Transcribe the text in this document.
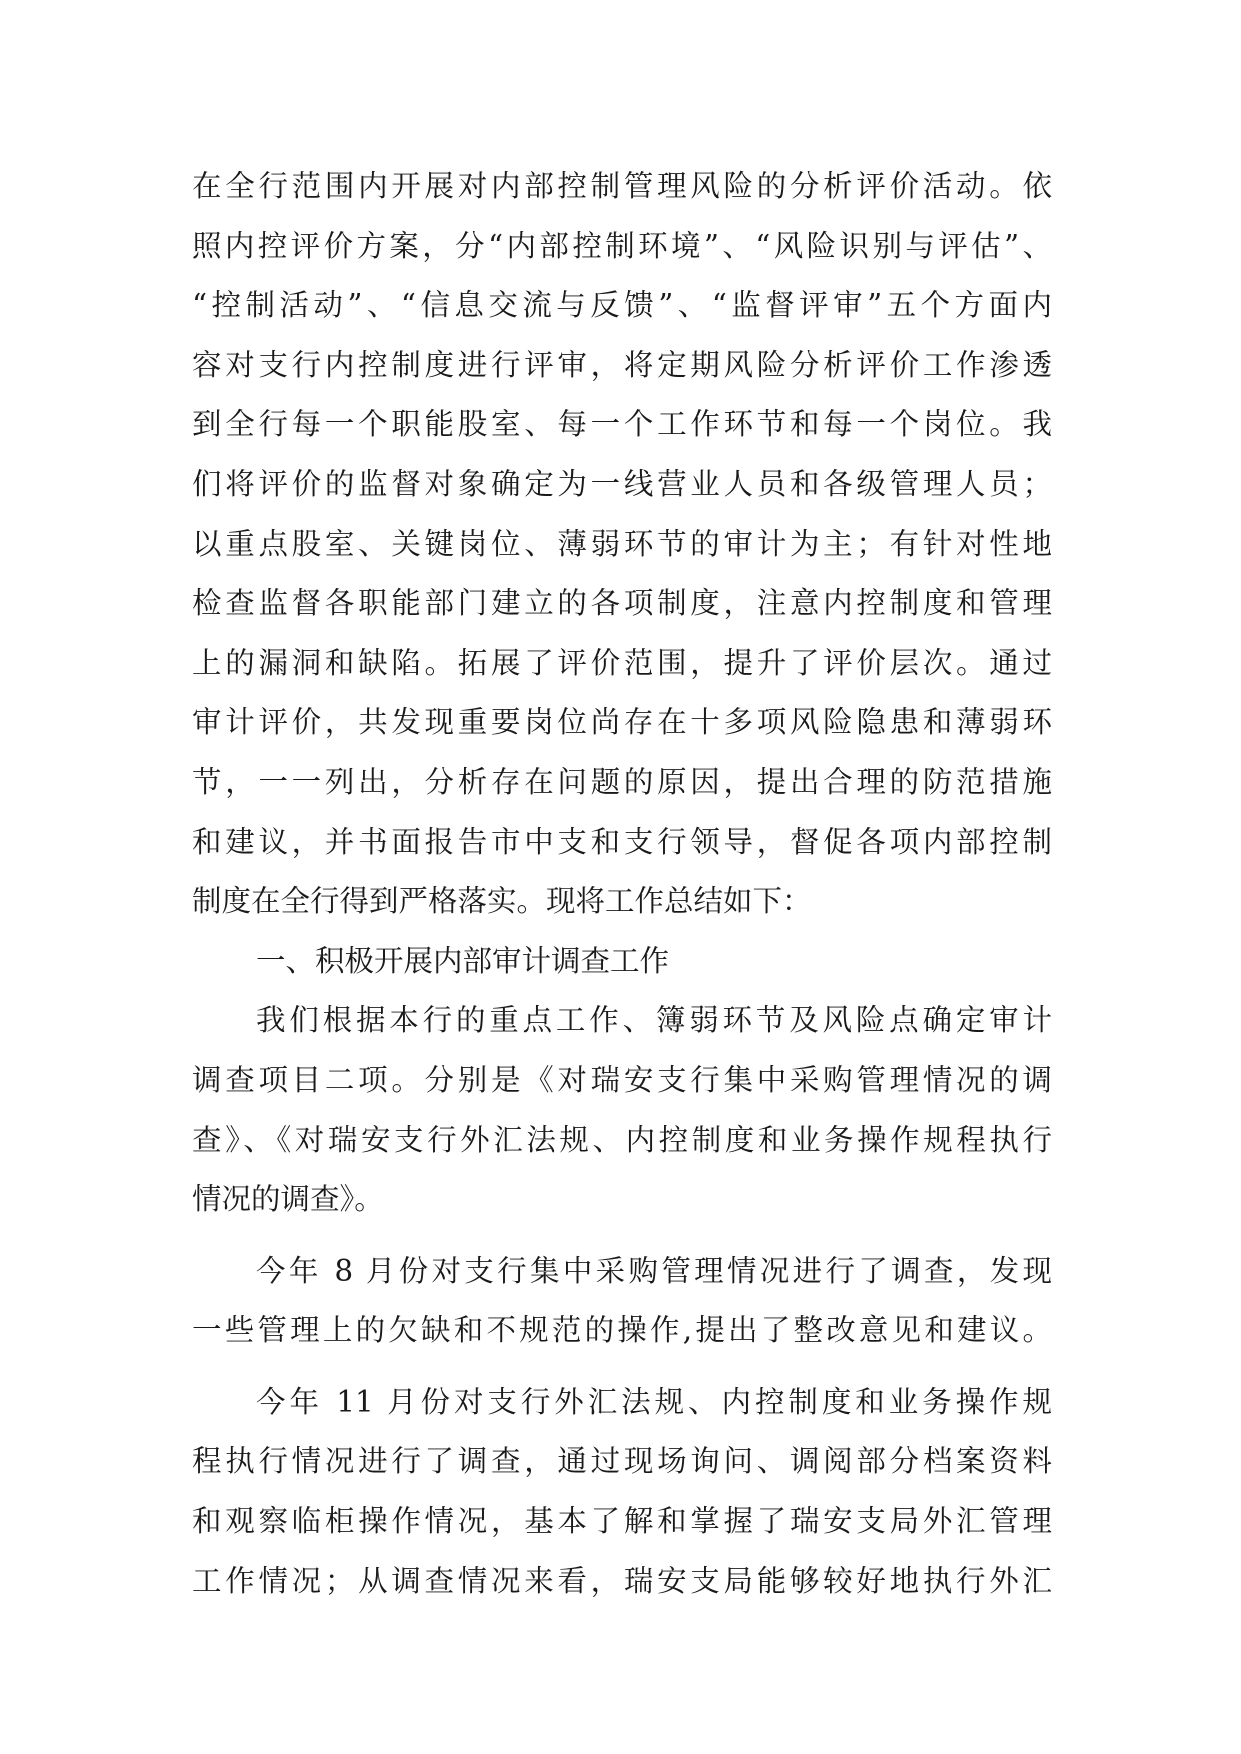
在全行范围内开展对内部控制管理风险的分析评价活动。依
照内控评价方案，分“内部控制环境”、“风险识别与评估”、
“控制活动”、“信息交流与反馈”、“监督评审”五个方面内
容对支行内控制度进行评审，将定期风险分析评价工作渗透
到全行每一个职能股室、每一个工作环节和每一个岗位。我
们将评价的监督对象确定为一线营业人员和各级管理人员；
以重点股室、关键岗位、薄弱环节的审计为主；有针对性地
检查监督各职能部门建立的各项制度，注意内控制度和管理
上的漏洞和缺陷。拓展了评价范围，提升了评价层次。通过
审计评价，共发现重要岗位尚存在十多项风险隐患和薄弱环
节，一一列出，分析存在问题的原因，提出合理的防范措施
和建议，并书面报告市中支和支行领导，督促各项内部控制
制度在全行得到严格落实。现将工作总结如下：
一、积极开展内部审计调查工作
我们根据本行的重点工作、簿弱环节及风险点确定审计
调查项目二项。分别是《对瑞安支行集中采购管理情况的调
查》、《对瑞安支行外汇法规、内控制度和业务操作规程执行
情况的调查》。
今年 8 月份对支行集中采购管理情况进行了调查，发现
一些管理上的欠缺和不规范的操作,提出了整改意见和建议。
今年 11 月份对支行外汇法规、内控制度和业务操作规
程执行情况进行了调查，通过现场询问、调阅部分档案资料
和观察临柜操作情况，基本了解和掌握了瑞安支局外汇管理
工作情况；从调查情况来看，瑞安支局能够较好地执行外汇
